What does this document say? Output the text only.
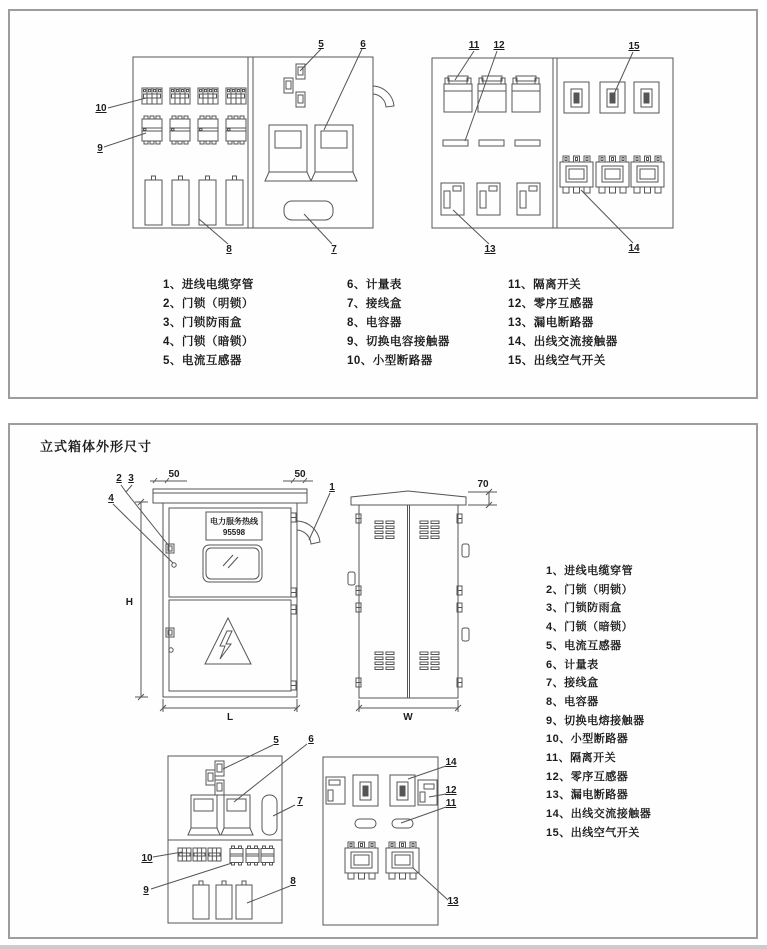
立式箱体外形尺寸
1、进线电缆穿管
2、门锁（明锁）
3、门锁防雨盒
4、门锁（暗锁）
5、电流互感器
6、计量表
7、接线盒
8、电容器
9、切换电容接触器
10、小型断路器
11、隔离开关
12、零序互感器
13、漏电断路器
14、出线交流接触器
15、出线空气开关
1、进线电缆穿管
2、门锁（明锁）
3、门锁防雨盒
4、门锁（暗锁）
5、电流互感器
6、计量表
7、接线盒
8、电容器
9、切换电熔接触器
10、小型断路器
11、隔离开关
12、零序互感器
13、漏电断路器
14、出线交流接触器
15、出线空气开关
5	6
10
9
8	7
11 12	15
13	14
电力服务热线
95598
50	50
H
L
2 3
4
1
W
70
5	6
7
10
9
8
14
12
11
13
